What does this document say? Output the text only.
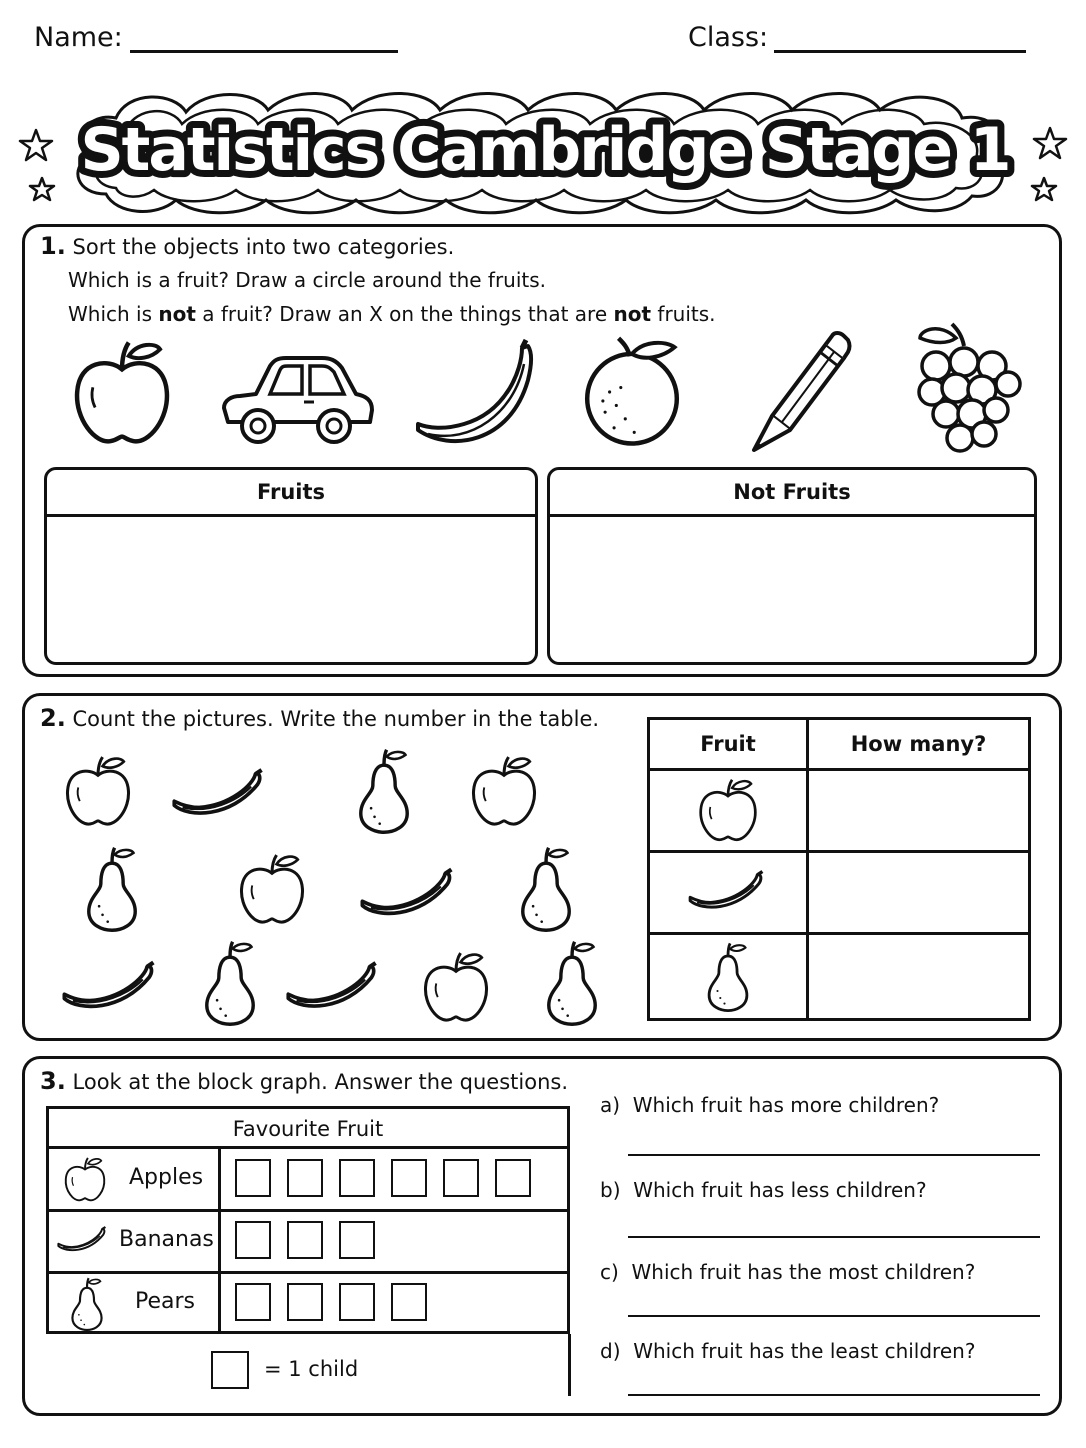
Name:	Class:
Statistics Cambridge Stage 1
1. Sort the objects into two categories.
Which is a fruit? Draw a circle around the fruits.
Which is not a fruit? Draw an X on the things that are not fruits.
Fruits	Not Fruits
2. Count the pictures. Write the number in the table.
Fruit	How many?

3. Look at the block graph. Answer the questions.
Favourite Fruit
Apples
Bananas
Pears
= 1 child
a) Which fruit has more children?
b) Which fruit has less children?
c) Which fruit has the most children?
d) Which fruit has the least children?
